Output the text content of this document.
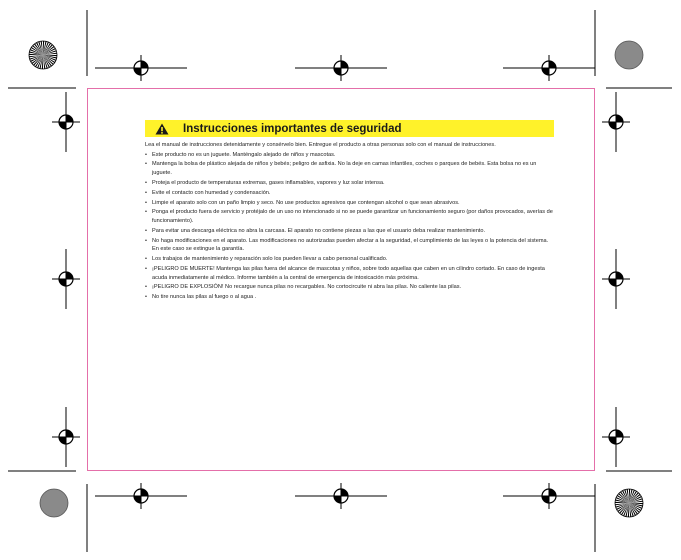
Instrucciones importantes de seguridad

Lea el manual de instrucciones detenidamente y consérvelo bien. Entregue el producto a otras personas solo con el manual de instrucciones.

• Este producto no es un juguete. Manténgalo alejado de niños y mascotas.
• Mantenga la bolsa de plástico alejada de niños y bebés; peligro de asfixia. No la deje en camas infantiles, coches o parques de bebés. Esta bolsa no es un juguete.
• Proteja el producto de temperaturas extremas, gases inflamables, vapores y luz solar intensa.
• Evite el contacto con humedad y condensación.
• Limpie el aparato solo con un paño limpio y seco. No use productos agresivos que contengan alcohol o que sean abrasivos.
• Ponga el producto fuera de servicio y protéjalo de un uso no intencionado si no se puede garantizar un funcionamiento seguro (por daños provocados, averías de funcionamiento).
• Para evitar una descarga eléctrica no abra la carcasa. El aparato no contiene piezas a las que el usuario deba realizar mantenimiento.
• No haga modificaciones en el aparato. Las modificaciones no autorizadas pueden afectar a la seguridad, el cumplimiento de las leyes o la potencia del sistema. En este caso se extingue la garantía.
• Los trabajos de mantenimiento y reparación solo los pueden llevar a cabo personal cualificado.
• ¡PELIGRO DE MUERTE! Mantenga las pilas fuera del alcance de mascotas y niños, sobre todo aquellas que caben en un cilindro cortado. En caso de ingesta acuda inmediatamente al médico. Informe también a la central de emergencia de intoxicación más próxima.
• ¡PELIGRO DE EXPLOSIÓN! No recargue nunca pilas no recargables. No cortocircuite ni abra las pilas. No caliente las pilas.
• No tire nunca las pilas al fuego o al agua .
